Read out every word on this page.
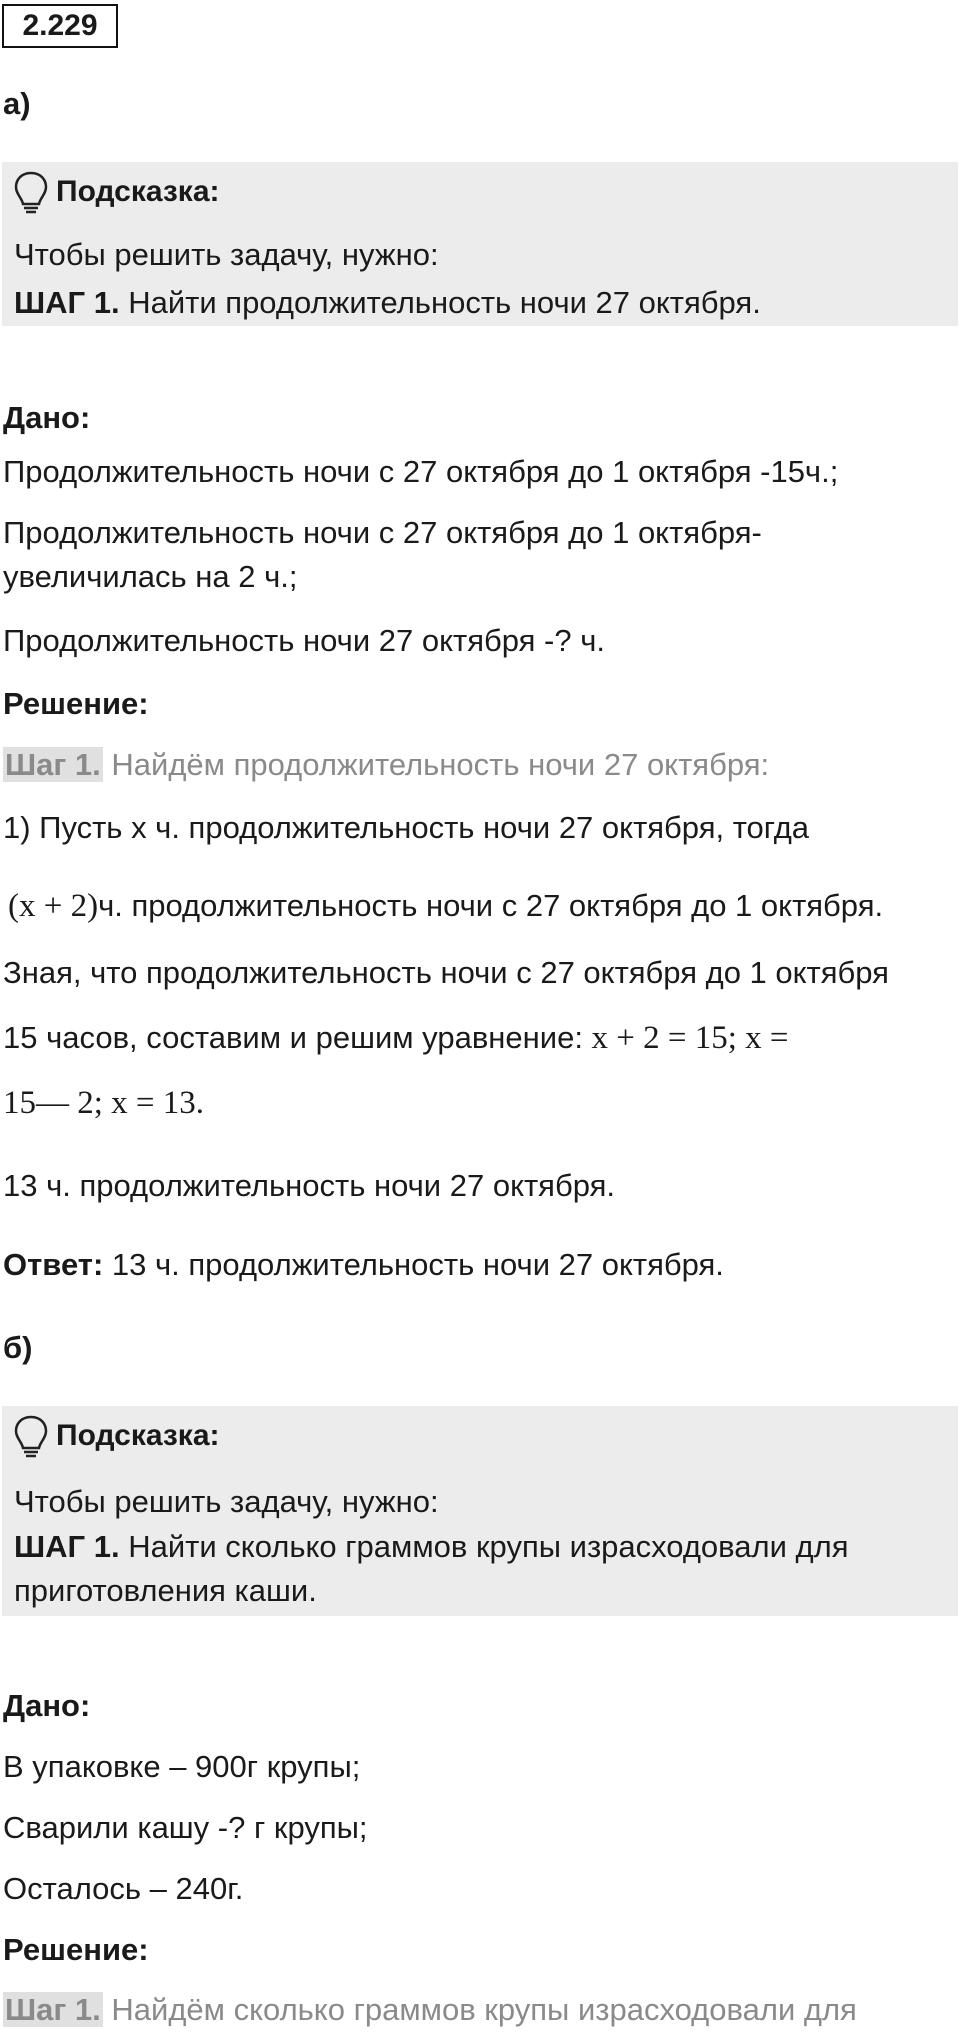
2.229
а)
Подсказка:
Чтобы решить задачу, нужно:
ШАГ 1. Найти продолжительность ночи 27 октября.
Дано:
Продолжительность ночи с 27 октября до 1 октября -15ч.;
Продолжительность ночи с 27 октября до 1 октября-
увеличилась на 2 ч.;
Продолжительность ночи 27 октября -? ч.
Решение:
Шаг 1. Найдём продолжительность ночи 27 октября:
1) Пусть x ч. продолжительность ночи 27 октября, тогда
(x + 2)ч. продолжительность ночи с 27 октября до 1 октября.
Зная, что продолжительность ночи с 27 октября до 1 октября
15 часов, составим и решим уравнение: x + 2 = 15; x =
15— 2; x = 13.
13 ч. продолжительность ночи 27 октября.
Ответ: 13 ч. продолжительность ночи 27 октября.
б)
Подсказка:
Чтобы решить задачу, нужно:
ШАГ 1. Найти сколько граммов крупы израсходовали для
приготовления каши.
Дано:
В упаковке – 900г крупы;
Сварили кашу -? г крупы;
Осталось – 240г.
Решение:
Шаг 1. Найдём сколько граммов крупы израсходовали для
